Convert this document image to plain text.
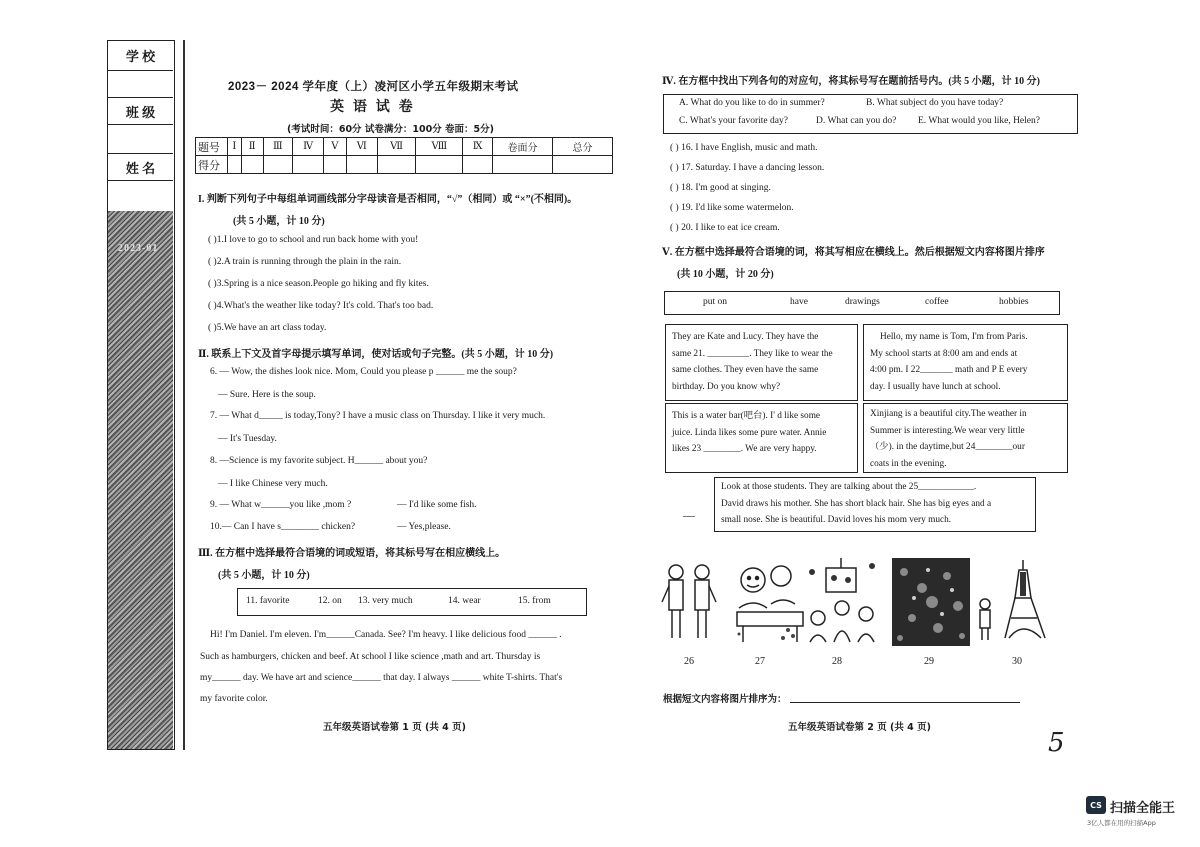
学 校
班 级
姓 名
2023-01
2023－ 2024 学年度（上）凌河区小学五年级期末考试
英 语 试 卷
(考试时间：60分 试卷满分：100分 卷面：5分)
题号	Ⅰ	Ⅱ	Ⅲ	Ⅳ	Ⅴ	Ⅵ	Ⅶ	Ⅷ	Ⅸ	卷面分	总分
得分											
I. 判断下列句子中每组单词画线部分字母读音是否相同，“√”（相同）或 “×”(不相同)。
(共 5 小题，计 10 分)
( )1.I love to go to school and run back home with you!
( )2.A train is running through the plain in the rain.
( )3.Spring is a nice season.People go hiking and fly kites.
( )4.What's the weather like today? It's cold. That's too bad.
( )5.We have an art class today.
Ⅱ. 联系上下文及首字母提示填写单词，使对话或句子完整。(共 5 小题，计 10 分)
6. — Wow, the dishes look nice. Mom, Could you please p ______ me the soup?
— Sure. Here is the soup.
7. — What d_____ is today,Tony? I have a music class on Thursday. I like it very much.
— It's Tuesday.
8. —Science is my favorite subject. H______ about you?
— I like Chinese very much.
9. — What w______you like ,mom ?	— I'd like some fish.
10.— Can I have s________ chicken?	— Yes,please.
Ⅲ. 在方框中选择最符合语境的词或短语，将其标号写在相应横线上。
(共 5 小题，计 10 分)
11. favorite	12. on 13. very much	14. wear	15. from
Hi! I'm Daniel. I'm eleven. I'm______Canada. See? I'm heavy. I like delicious food ______ .
Such as hamburgers, chicken and beef. At school I like science ,math and art. Thursday is
my______ day. We have art and science______ that day. I always ______ white T-shirts. That's
my favorite color.
五年级英语试卷第 1 页 (共 4 页)
Ⅳ. 在方框中找出下列各句的对应句，将其标号写在题前括号内。(共 5 小题，计 10 分)
A. What do you like to do in summer?	B. What subject do you have today?
C. What's your favorite day?	D. What can you do? E. What would you like, Helen?
( ) 16. I have English, music and math.
( ) 17. Saturday. I have a dancing lesson.
( ) 18. I'm good at singing.
( ) 19. I'd like some watermelon.
( ) 20. I like to eat ice cream.
Ⅴ. 在方框中选择最符合语境的词，将其写相应在横线上。然后根据短文内容将图片排序
(共 10 小题，计 20 分)
put on	have	drawings	coffee	hobbies
They are Kate and Lucy. They have the
same 21. _________. They like to wear the
same clothes. They even have the same
birthday. Do you know why?
Hello, my name is Tom, I'm from Paris.
My school starts at 8:00 am and ends at
4:00 pm. I 22_______ math and P E every
day. I usually have lunch at school.
This is a water bar(吧台). I' d like some
juice. Linda likes some pure water. Annie
likes 23 ________. We are very happy.
Xinjiang is a beautiful city.The weather in
Summer is interesting.We wear very little
（少). in the daytime,but 24________our
coats in the evening.
—
Look at those students. They are talking about the 25____________.
David draws his mother. She has short black hair. She has big eyes and a
small nose. She is beautiful. David loves his mom very much.
26	27	28	29	30
根据短文内容将图片排序为：
五年级英语试卷第 2 页 (共 4 页)
5
CS 扫描全能王
3亿人都在用的扫描App
